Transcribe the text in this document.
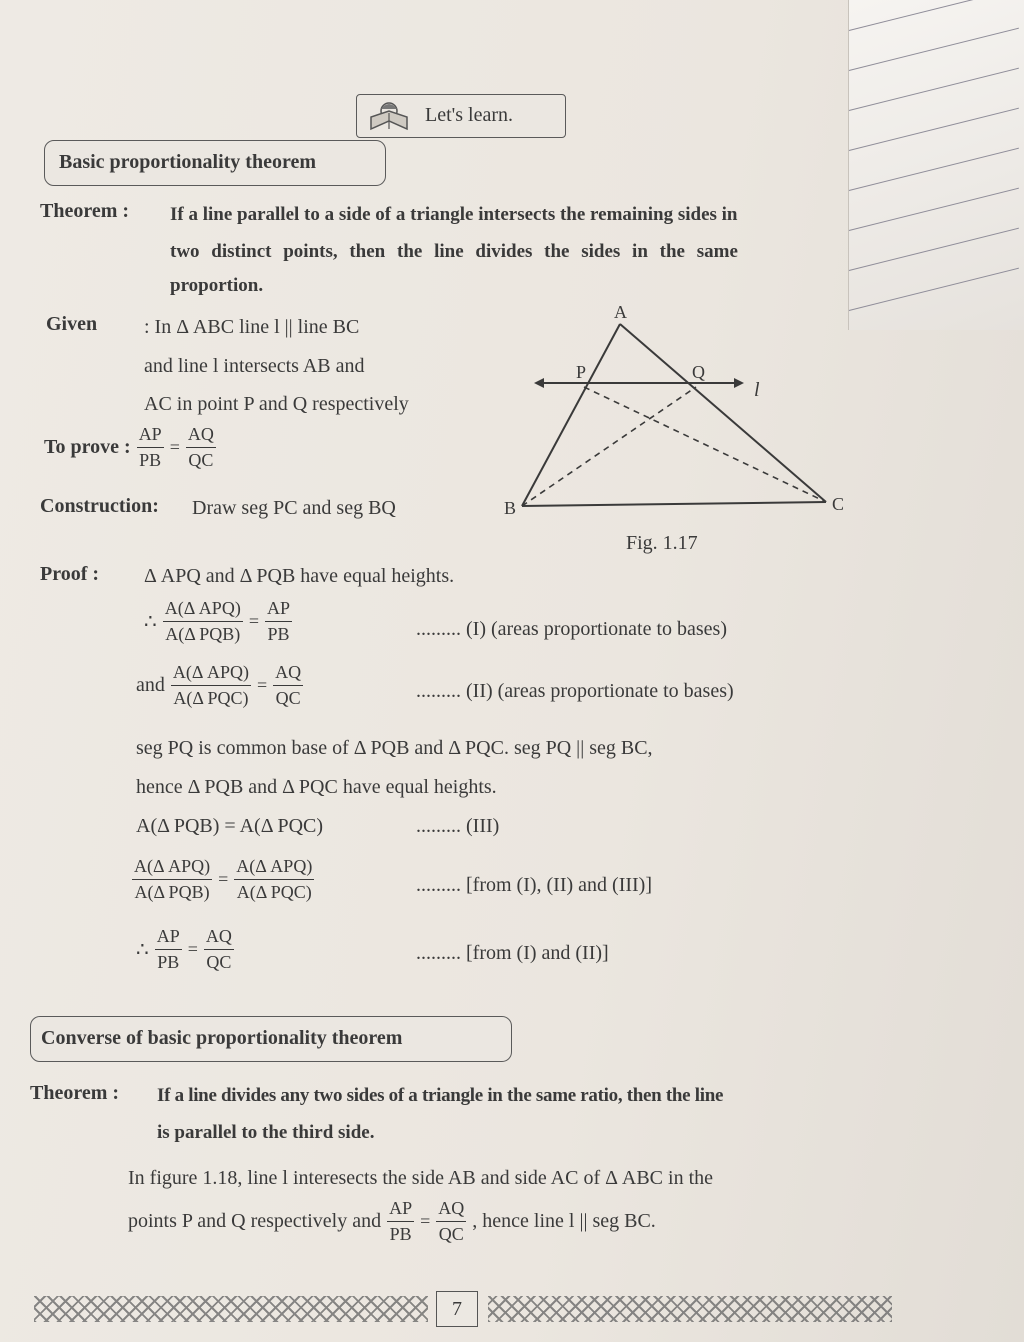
Let's learn.
Basic proportionality theorem
Theorem : If a line parallel to a side of a triangle intersects the remaining sides in
two distinct points, then the line divides the sides in the same
proportion.
Given : In Δ ABC line l || line BC
and line l intersects AB and
AC in point P and Q respectively
To prove : $\frac{AP}{PB} = \frac{AQ}{QC}$
Construction: Draw seg PC and seg BQ
A
P	Q
l
B	C
Fig. 1.17
Proof : Δ APQ and Δ PQB have equal heights.
∴ $\frac{\text{A(Δ APQ)}}{\text{A(Δ PQB)}} = \frac{AP}{PB}$	......... (I) (areas proportionate to bases)
and $\frac{\text{A(Δ APQ)}}{\text{A(Δ PQC)}} = \frac{AQ}{QC}$	......... (II) (areas proportionate to bases)
seg PQ is common base of Δ PQB and Δ PQC. seg PQ || seg BC,
hence Δ PQB and Δ PQC have equal heights.
A(Δ PQB) = A(Δ PQC)	......... (III)
$\frac{\text{A(Δ APQ)}}{\text{A(Δ PQB)}} = \frac{\text{A(Δ APQ)}}{\text{A(Δ PQC)}}$	......... [from (I), (II) and (III)]
∴ $\frac{AP}{PB} = \frac{AQ}{QC}$	......... [from (I) and (II)]
Converse of basic proportionality theorem
Theorem : If a line divides any two sides of a triangle in the same ratio, then the line
is parallel to the third side.
In figure 1.18, line l interesects the side AB and side AC of Δ ABC in the
points P and Q respectively and $\frac{AP}{PB} = \frac{AQ}{QC}$ , hence line l || seg BC.
7
